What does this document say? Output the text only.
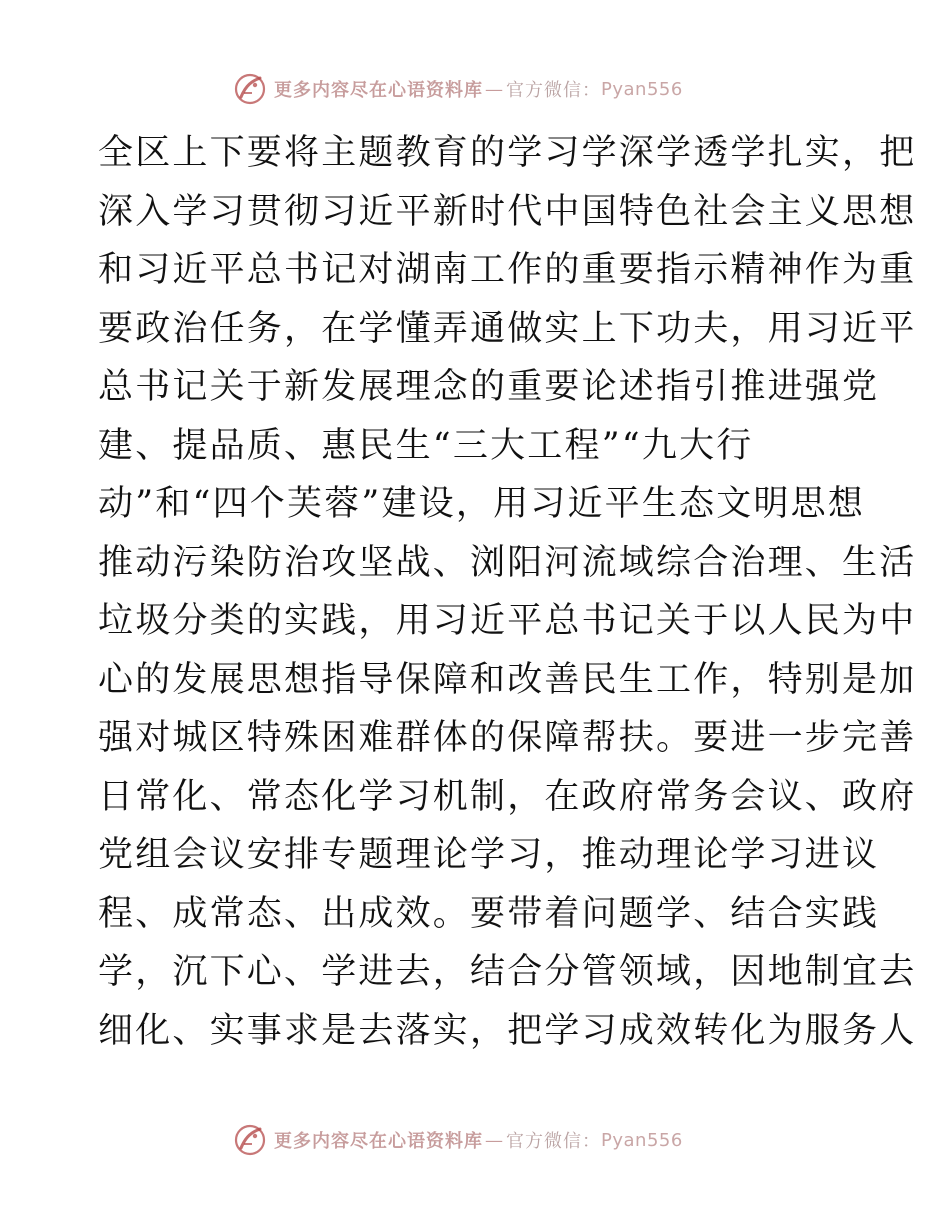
更多内容尽在心语资料库 — 官方微信： Pyan556
全区上下要将主题教育的学习学深学透学扎实，把
深入学习贯彻习近平新时代中国特色社会主义思想
和习近平总书记对湖南工作的重要指示精神作为重
要政治任务，在学懂弄通做实上下功夫，用习近平
总书记关于新发展理念的重要论述指引推进强党
建、提品质、惠民生“三大工程”“九大行
动”和“四个芙蓉”建设，用习近平生态文明思想
推动污染防治攻坚战、浏阳河流域综合治理、生活
垃圾分类的实践，用习近平总书记关于以人民为中
心的发展思想指导保障和改善民生工作，特别是加
强对城区特殊困难群体的保障帮扶。要进一步完善
日常化、常态化学习机制，在政府常务会议、政府
党组会议安排专题理论学习，推动理论学习进议
程、成常态、出成效。要带着问题学、结合实践
学，沉下心、学进去，结合分管领域，因地制宜去
细化、实事求是去落实，把学习成效转化为服务人
更多内容尽在心语资料库 — 官方微信： Pyan556
